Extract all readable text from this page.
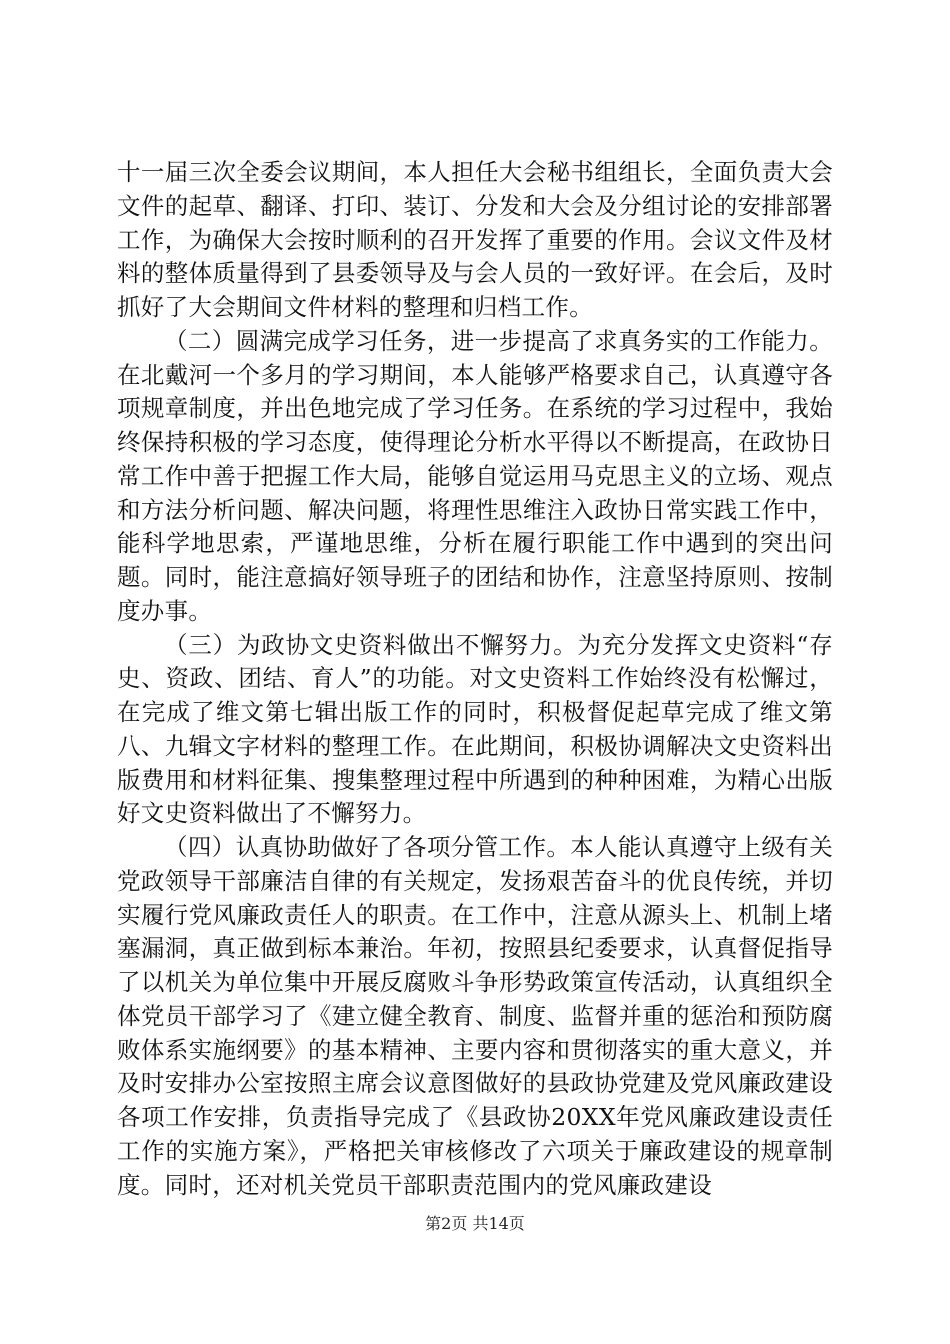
十一届三次全委会议期间，本人担任大会秘书组组长，全面负责大会文件的起草、翻译、打印、装订、分发和大会及分组讨论的安排部署工作，为确保大会按时顺利的召开发挥了重要的作用。会议文件及材料的整体质量得到了县委领导及与会人员的一致好评。在会后，及时抓好了大会期间文件材料的整理和归档工作。

（二）圆满完成学习任务，进一步提高了求真务实的工作能力。在北戴河一个多月的学习期间，本人能够严格要求自己，认真遵守各项规章制度，并出色地完成了学习任务。在系统的学习过程中，我始终保持积极的学习态度，使得理论分析水平得以不断提高，在政协日常工作中善于把握工作大局，能够自觉运用马克思主义的立场、观点和方法分析问题、解决问题，将理性思维注入政协日常实践工作中，能科学地思索，严谨地思维，分析在履行职能工作中遇到的突出问题。同时，能注意搞好领导班子的团结和协作，注意坚持原则、按制度办事。

（三）为政协文史资料做出不懈努力。为充分发挥文史资料“存史、资政、团结、育人”的功能。对文史资料工作始终没有松懈过，在完成了维文第七辑出版工作的同时，积极督促起草完成了维文第八、九辑文字材料的整理工作。在此期间，积极协调解决文史资料出版费用和材料征集、搜集整理过程中所遇到的种种困难，为精心出版好文史资料做出了不懈努力。

（四）认真协助做好了各项分管工作。本人能认真遵守上级有关党政领导干部廉洁自律的有关规定，发扬艰苦奋斗的优良传统，并切实履行党风廉政责任人的职责。在工作中，注意从源头上、机制上堵塞漏洞，真正做到标本兼治。年初，按照县纪委要求，认真督促指导了以机关为单位集中开展反腐败斗争形势政策宣传活动，认真组织全体党员干部学习了《建立健全教育、制度、监督并重的惩治和预防腐败体系实施纲要》的基本精神、主要内容和贯彻落实的重大意义，并及时安排办公室按照主席会议意图做好的县政协党建及党风廉政建设各项工作安排，负责指导完成了《县政协20XX年党风廉政建设责任工作的实施方案》，严格把关审核修改了六项关于廉政建设的规章制度。同时，还对机关党员干部职责范围内的党风廉政建设

第2页 共14页
